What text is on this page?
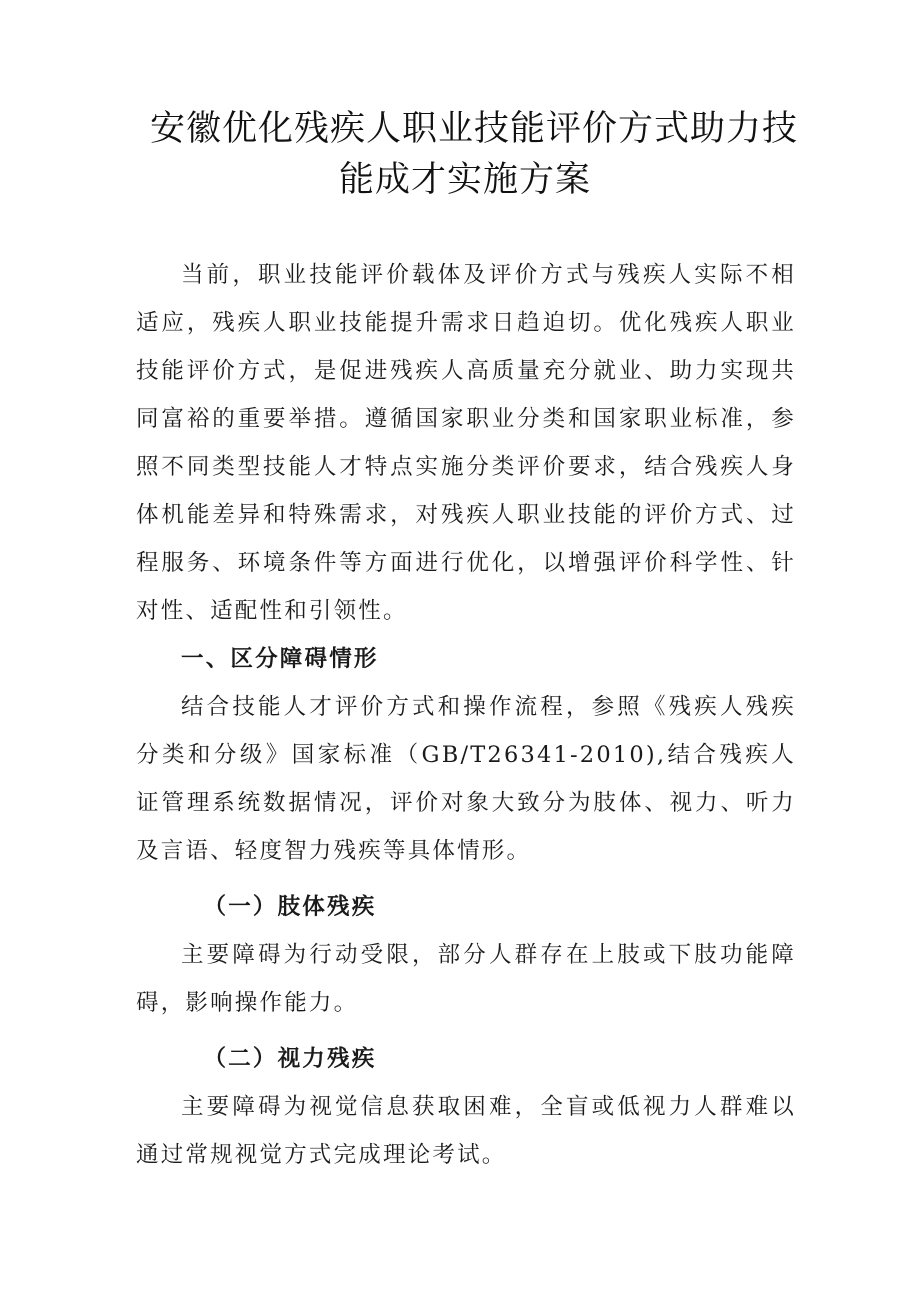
安徽优化残疾人职业技能评价方式助力技
能成才实施方案

当前，职业技能评价载体及评价方式与残疾人实际不相适应，残疾人职业技能提升需求日趋迫切。优化残疾人职业技能评价方式，是促进残疾人高质量充分就业、助力实现共同富裕的重要举措。遵循国家职业分类和国家职业标准，参照不同类型技能人才特点实施分类评价要求，结合残疾人身体机能差异和特殊需求，对残疾人职业技能的评价方式、过程服务、环境条件等方面进行优化，以增强评价科学性、针对性、适配性和引领性。

一、区分障碍情形

结合技能人才评价方式和操作流程，参照《残疾人残疾分类和分级》国家标准（GB/T26341-2010),结合残疾人证管理系统数据情况，评价对象大致分为肢体、视力、听力及言语、轻度智力残疾等具体情形。

（一）肢体残疾

主要障碍为行动受限，部分人群存在上肢或下肢功能障碍，影响操作能力。

（二）视力残疾

主要障碍为视觉信息获取困难，全盲或低视力人群难以通过常规视觉方式完成理论考试。
